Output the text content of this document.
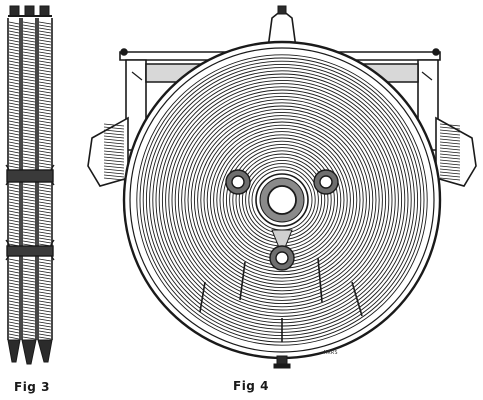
Fig 3	Fig 4
MRRS
